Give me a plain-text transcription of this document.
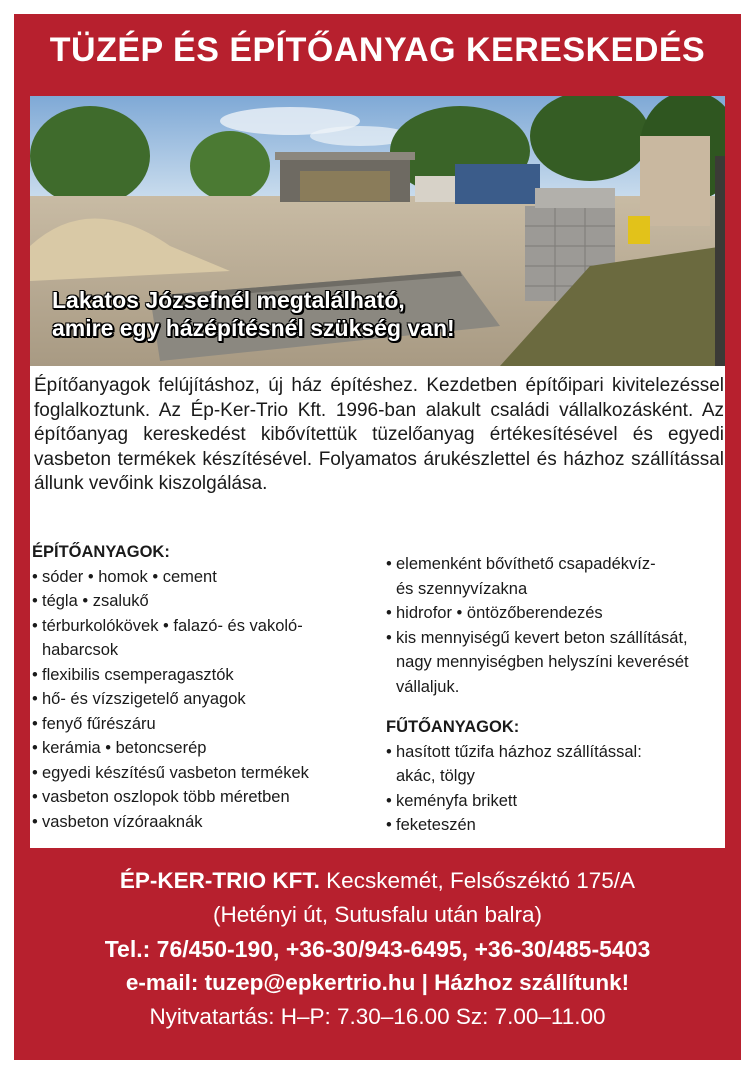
TÜZÉP ÉS ÉPÍTŐANYAG KERESKEDÉS
Lakatos Józsefnél megtalálható,
amire egy házépítésnél szükség van!
Építőanyagok felújításhoz, új ház építéshez. Kezdetben építőipari kivitelezéssel foglalkoztunk. Az Ép-Ker-Trio Kft. 1996-ban alakult családi vállalkozásként. Az építőanyag kereskedést kibővítettük tüzelőanyag értékesítésével és egyedi vasbeton termékek készítésével. Folyamatos árukészlettel és házhoz szállítással állunk vevőink kiszolgálása.
ÉPÍTŐANYAGOK:
• sóder • homok • cement
• tégla • zsalukő
• térburkolókövek • falazó- és vakoló-
habarcsok
• flexibilis csemperagasztók
• hő- és vízszigetelő anyagok
• fenyő fűrészáru
• kerámia • betoncserép
• egyedi készítésű vasbeton termékek
• vasbeton oszlopok több méretben
• vasbeton vízóraaknák
• elemenként bővíthető csapadékvíz-
és szennyvízakna
• hidrofor • öntözőberendezés
• kis mennyiségű kevert beton szállítását,
nagy mennyiségben helyszíni keverését
vállaljuk.
FŰTŐANYAGOK:
• hasított tűzifa házhoz szállítással:
akác, tölgy
• keményfa brikett
• feketeszén
ÉP-KER-TRIO KFT. Kecskemét, Felsőszéktó 175/A
(Hetényi út, Sutusfalu után balra)
Tel.: 76/450-190, +36-30/943-6495, +36-30/485-5403
e-mail: tuzep@epkertrio.hu | Házhoz szállítunk!
Nyitvatartás: H–P: 7.30–16.00 Sz: 7.00–11.00
